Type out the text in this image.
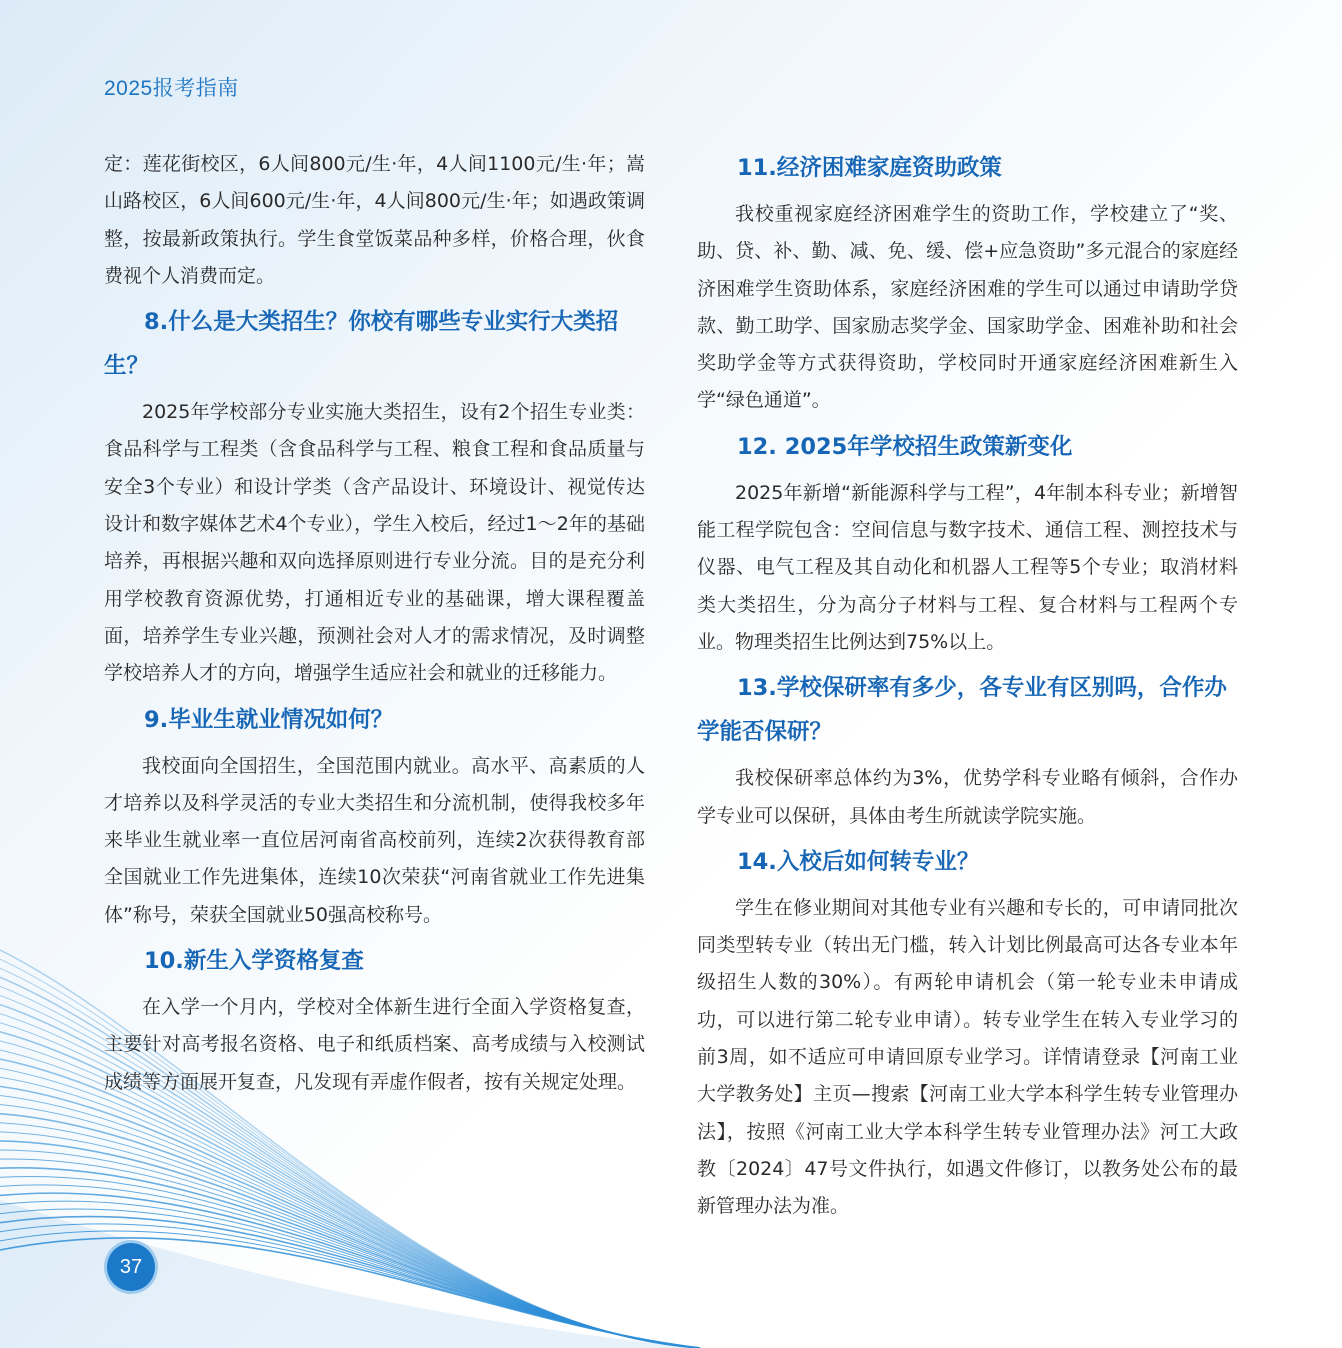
2025报考指南

定：莲花街校区，6人间800元/生·年，4人间1100元/生·年；嵩山路校区，6人间600元/生·年，4人间800元/生·年；如遇政策调整，按最新政策执行。学生食堂饭菜品种多样，价格合理，伙食费视个人消费而定。

8.什么是大类招生？你校有哪些专业实行大类招生？

2025年学校部分专业实施大类招生，设有2个招生专业类：食品科学与工程类（含食品科学与工程、粮食工程和食品质量与安全3个专业）和设计学类（含产品设计、环境设计、视觉传达设计和数字媒体艺术4个专业），学生入校后，经过1～2年的基础培养，再根据兴趣和双向选择原则进行专业分流。目的是充分利用学校教育资源优势，打通相近专业的基础课，增大课程覆盖面，培养学生专业兴趣，预测社会对人才的需求情况，及时调整学校培养人才的方向，增强学生适应社会和就业的迁移能力。

9.毕业生就业情况如何？

我校面向全国招生，全国范围内就业。高水平、高素质的人才培养以及科学灵活的专业大类招生和分流机制，使得我校多年来毕业生就业率一直位居河南省高校前列，连续2次获得教育部全国就业工作先进集体，连续10次荣获“河南省就业工作先进集体”称号，荣获全国就业50强高校称号。

10.新生入学资格复查

在入学一个月内，学校对全体新生进行全面入学资格复查，主要针对高考报名资格、电子和纸质档案、高考成绩与入校测试成绩等方面展开复查，凡发现有弄虚作假者，按有关规定处理。

11.经济困难家庭资助政策

我校重视家庭经济困难学生的资助工作，学校建立了“奖、助、贷、补、勤、减、免、缓、偿+应急资助”多元混合的家庭经济困难学生资助体系，家庭经济困难的学生可以通过申请助学贷款、勤工助学、国家励志奖学金、国家助学金、困难补助和社会奖助学金等方式获得资助，学校同时开通家庭经济困难新生入学“绿色通道”。

12. 2025年学校招生政策新变化

2025年新增“新能源科学与工程”，4年制本科专业；新增智能工程学院包含：空间信息与数字技术、通信工程、测控技术与仪器、电气工程及其自动化和机器人工程等5个专业；取消材料类大类招生，分为高分子材料与工程、复合材料与工程两个专业。物理类招生比例达到75%以上。

13.学校保研率有多少，各专业有区别吗，合作办学能否保研？

我校保研率总体约为3%，优势学科专业略有倾斜，合作办学专业可以保研，具体由考生所就读学院实施。

14.入校后如何转专业？

学生在修业期间对其他专业有兴趣和专长的，可申请同批次同类型转专业（转出无门槛，转入计划比例最高可达各专业本年级招生人数的30%）。有两轮申请机会（第一轮专业未申请成功，可以进行第二轮专业申请）。转专业学生在转入专业学习的前3周，如不适应可申请回原专业学习。详情请登录【河南工业大学教务处】主页—搜索【河南工业大学本科学生转专业管理办法】，按照《河南工业大学本科学生转专业管理办法》河工大政教〔2024〕47号文件执行，如遇文件修订，以教务处公布的最新管理办法为准。

37
